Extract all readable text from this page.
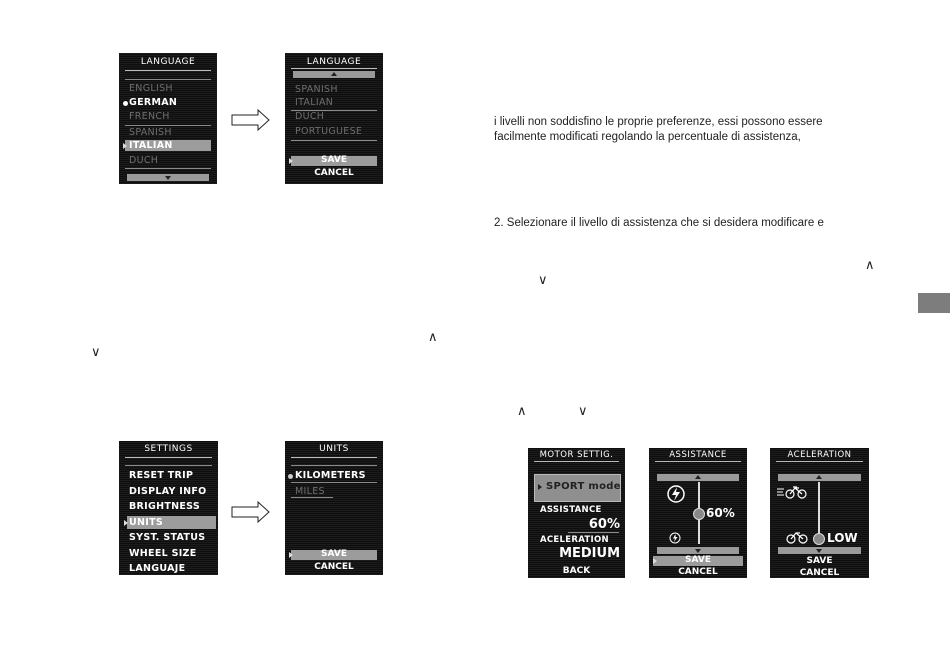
LANGUAGE
ENGLISH
GERMAN
FRENCH
SPANISH
ITALIAN
DUCH
LANGUAGE
SPANISH
ITALIAN
DUCH
PORTUGUESE
SAVE
CANCEL
i livelli non soddisfino le proprie preferenze, essi possono essere
facilmente modificati regolando la percentuale di assistenza,
2. Selezionare il livello di assistenza che si desidera modificare e
∧
∨
∧
∨
∧	∨
SETTINGS
RESET TRIP
DISPLAY INFO
BRIGHTNESS
UNITS
SYST. STATUS
WHEEL SIZE
LANGUAJE
UNITS
KILOMETERS
MILES
SAVE
CANCEL
MOTOR SETTIG.
SPORT mode
ASSISTANCE
60%
ACELERATION
MEDIUM
BACK
ASSISTANCE
60%
SAVE
CANCEL
ACELERATION
LOW
SAVE
CANCEL
